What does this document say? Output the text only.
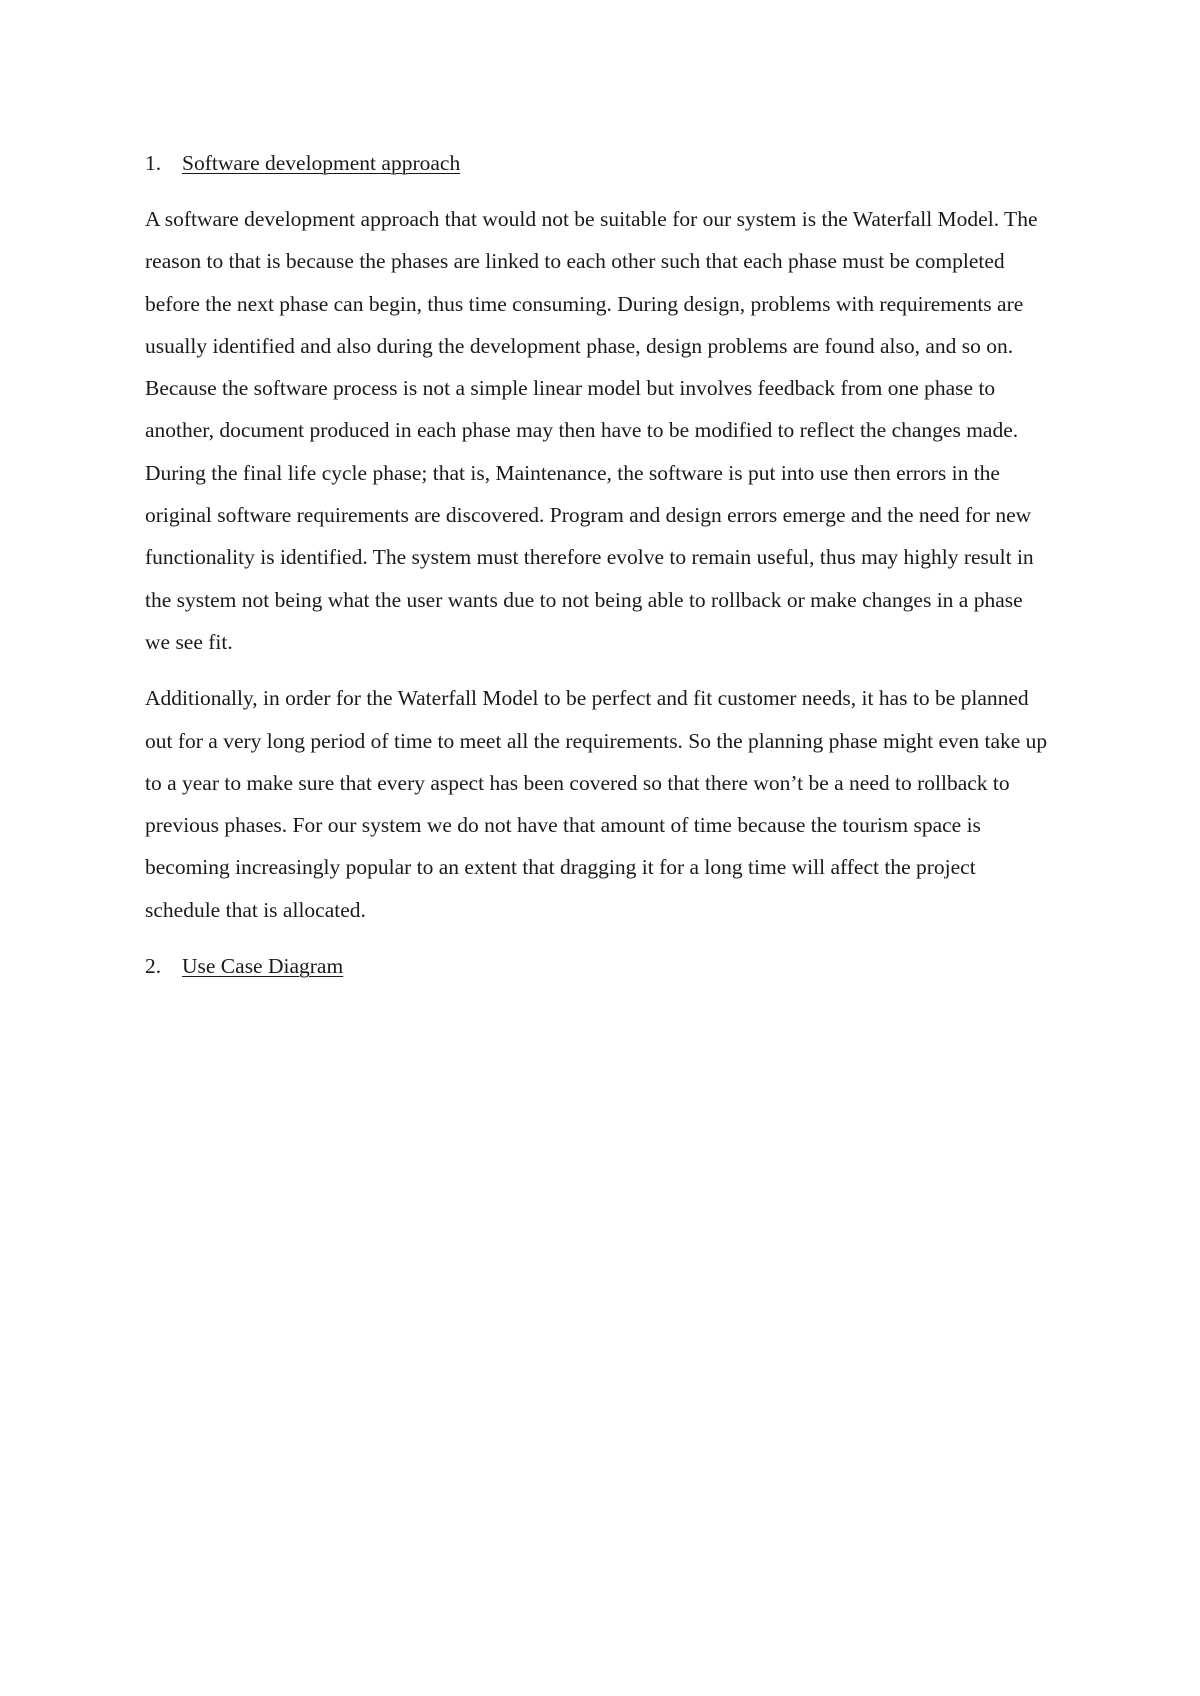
1. Software development approach

A software development approach that would not be suitable for our system is the Waterfall Model. The reason to that is because the phases are linked to each other such that each phase must be completed before the next phase can begin, thus time consuming. During design, problems with requirements are usually identified and also during the development phase, design problems are found also, and so on. Because the software process is not a simple linear model but involves feedback from one phase to another, document produced in each phase may then have to be modified to reflect the changes made. During the final life cycle phase; that is, Maintenance, the software is put into use then errors in the original software requirements are discovered. Program and design errors emerge and the need for new functionality is identified. The system must therefore evolve to remain useful, thus may highly result in the system not being what the user wants due to not being able to rollback or make changes in a phase we see fit.

Additionally, in order for the Waterfall Model to be perfect and fit customer needs, it has to be planned out for a very long period of time to meet all the requirements. So the planning phase might even take up to a year to make sure that every aspect has been covered so that there won’t be a need to rollback to previous phases. For our system we do not have that amount of time because the tourism space is becoming increasingly popular to an extent that dragging it for a long time will affect the project schedule that is allocated.

2. Use Case Diagram
